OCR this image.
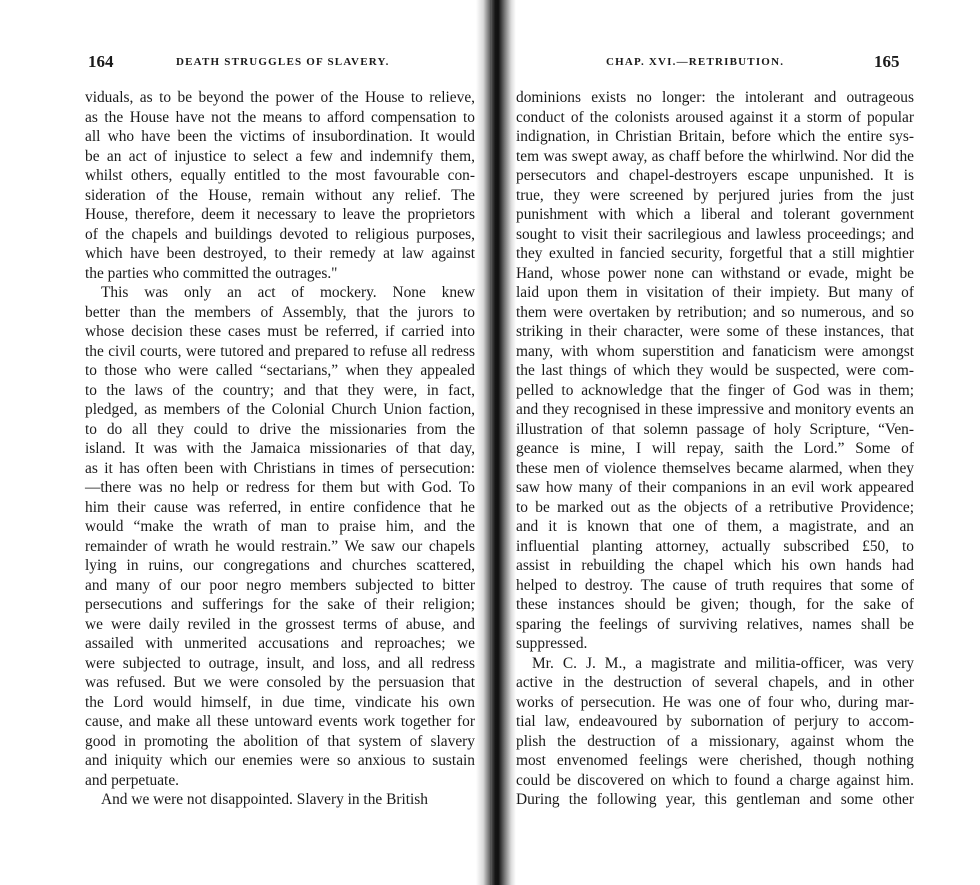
164	DEATH STRUGGLES OF SLAVERY.
viduals, as to be beyond the power of the House to relieve,
as the House have not the means to afford compensation to
all who have been the victims of insubordination. It would
be an act of injustice to select a few and indemnify them,
whilst others, equally entitled to the most favourable con-
sideration of the House, remain without any relief. The
House, therefore, deem it necessary to leave the proprietors
of the chapels and buildings devoted to religious purposes,
which have been destroyed, to their remedy at law against
the parties who committed the outrages."
This was only an act of mockery. None knew
better than the members of Assembly, that the jurors to
whose decision these cases must be referred, if carried into
the civil courts, were tutored and prepared to refuse all redress
to those who were called “sectarians,” when they appealed
to the laws of the country; and that they were, in fact,
pledged, as members of the Colonial Church Union faction,
to do all they could to drive the missionaries from the
island. It was with the Jamaica missionaries of that day,
as it has often been with Christians in times of persecution:
—there was no help or redress for them but with God. To
him their cause was referred, in entire confidence that he
would “make the wrath of man to praise him, and the
remainder of wrath he would restrain.” We saw our chapels
lying in ruins, our congregations and churches scattered,
and many of our poor negro members subjected to bitter
persecutions and sufferings for the sake of their religion;
we were daily reviled in the grossest terms of abuse, and
assailed with unmerited accusations and reproaches; we
were subjected to outrage, insult, and loss, and all redress
was refused. But we were consoled by the persuasion that
the Lord would himself, in due time, vindicate his own
cause, and make all these untoward events work together for
good in promoting the abolition of that system of slavery
and iniquity which our enemies were so anxious to sustain
and perpetuate.
And we were not disappointed. Slavery in the British
CHAP. XVI.—RETRIBUTION.	165
dominions exists no longer: the intolerant and outrageous
conduct of the colonists aroused against it a storm of popular
indignation, in Christian Britain, before which the entire sys-
tem was swept away, as chaff before the whirlwind. Nor did the
persecutors and chapel-destroyers escape unpunished. It is
true, they were screened by perjured juries from the just
punishment with which a liberal and tolerant government
sought to visit their sacrilegious and lawless proceedings; and
they exulted in fancied security, forgetful that a still mightier
Hand, whose power none can withstand or evade, might be
laid upon them in visitation of their impiety. But many of
them were overtaken by retribution; and so numerous, and so
striking in their character, were some of these instances, that
many, with whom superstition and fanaticism were amongst
the last things of which they would be suspected, were com-
pelled to acknowledge that the finger of God was in them;
and they recognised in these impressive and monitory events an
illustration of that solemn passage of holy Scripture, “Ven-
geance is mine, I will repay, saith the Lord.” Some of
these men of violence themselves became alarmed, when they
saw how many of their companions in an evil work appeared
to be marked out as the objects of a retributive Providence;
and it is known that one of them, a magistrate, and an
influential planting attorney, actually subscribed £50, to
assist in rebuilding the chapel which his own hands had
helped to destroy. The cause of truth requires that some of
these instances should be given; though, for the sake of
sparing the feelings of surviving relatives, names shall be
suppressed.
Mr. C. J. M., a magistrate and militia-officer, was very
active in the destruction of several chapels, and in other
works of persecution. He was one of four who, during mar-
tial law, endeavoured by subornation of perjury to accom-
plish the destruction of a missionary, against whom the
most envenomed feelings were cherished, though nothing
could be discovered on which to found a charge against him.
During the following year, this gentleman and some other
